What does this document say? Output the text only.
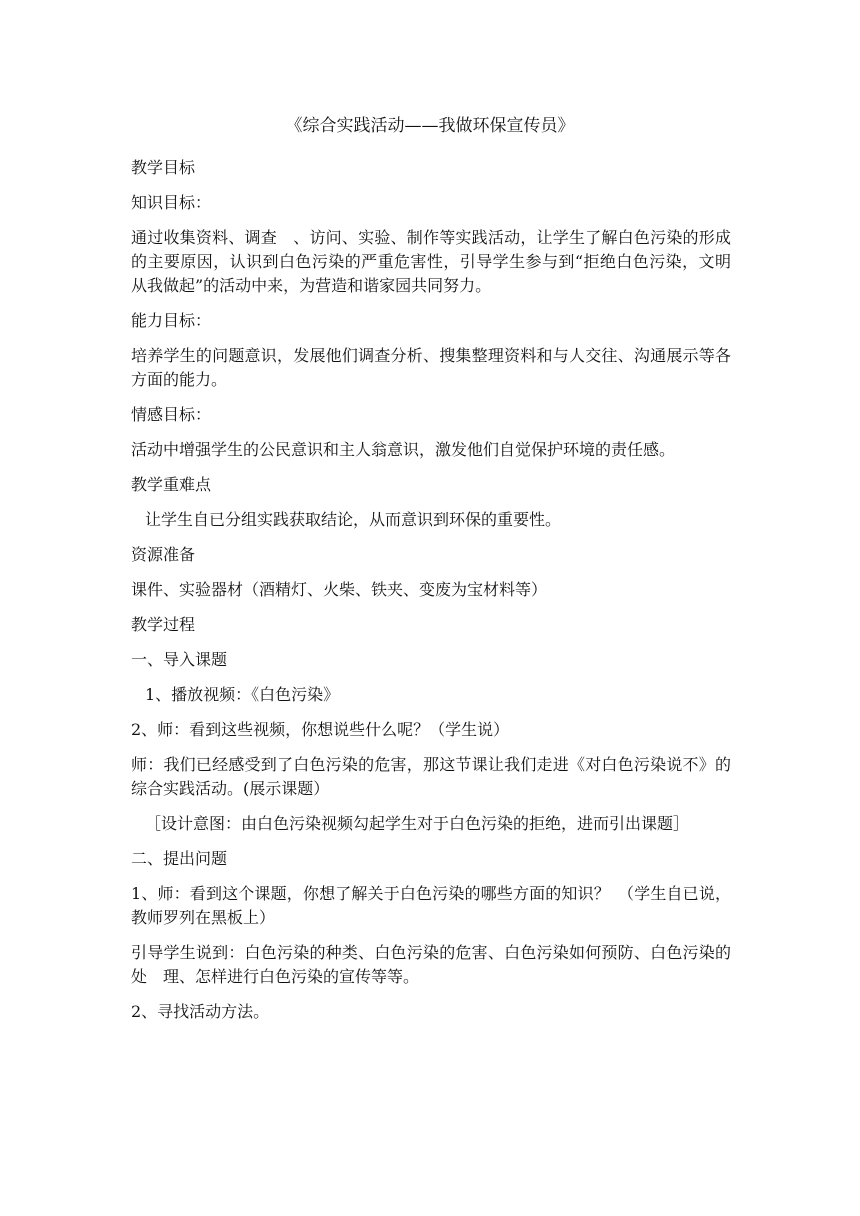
《综合实践活动——我做环保宣传员》

教学目标

知识目标：

通过收集资料、调查　、访问、实验、制作等实践活动，让学生了解白色污染的形成的主要原因，认识到白色污染的严重危害性，引导学生参与到“拒绝白色污染，文明从我做起”的活动中来，为营造和谐家园共同努力。

能力目标：

培养学生的问题意识，发展他们调查分析、搜集整理资料和与人交往、沟通展示等各方面的能力。

情感目标：

活动中增强学生的公民意识和主人翁意识，激发他们自觉保护环境的责任感。

教学重难点

让学生自已分组实践获取结论，从而意识到环保的重要性。

资源准备

课件、实验器材（酒精灯、火柴、铁夹、变废为宝材料等）

教学过程

一、导入课题

1、播放视频：《白色污染》

2、师：看到这些视频，你想说些什么呢？（学生说）

师：我们已经感受到了白色污染的危害，那这节课让我们走进《对白色污染说不》的综合实践活动。(展示课题）

［设计意图：由白色污染视频勾起学生对于白色污染的拒绝，进而引出课题］

二、提出问题

1、师：看到这个课题，你想了解关于白色污染的哪些方面的知识？　（学生自已说，教师罗列在黑板上）

引导学生说到：白色污染的种类、白色污染的危害、白色污染如何预防、白色污染的处　理、怎样进行白色污染的宣传等等。

2、寻找活动方法。
